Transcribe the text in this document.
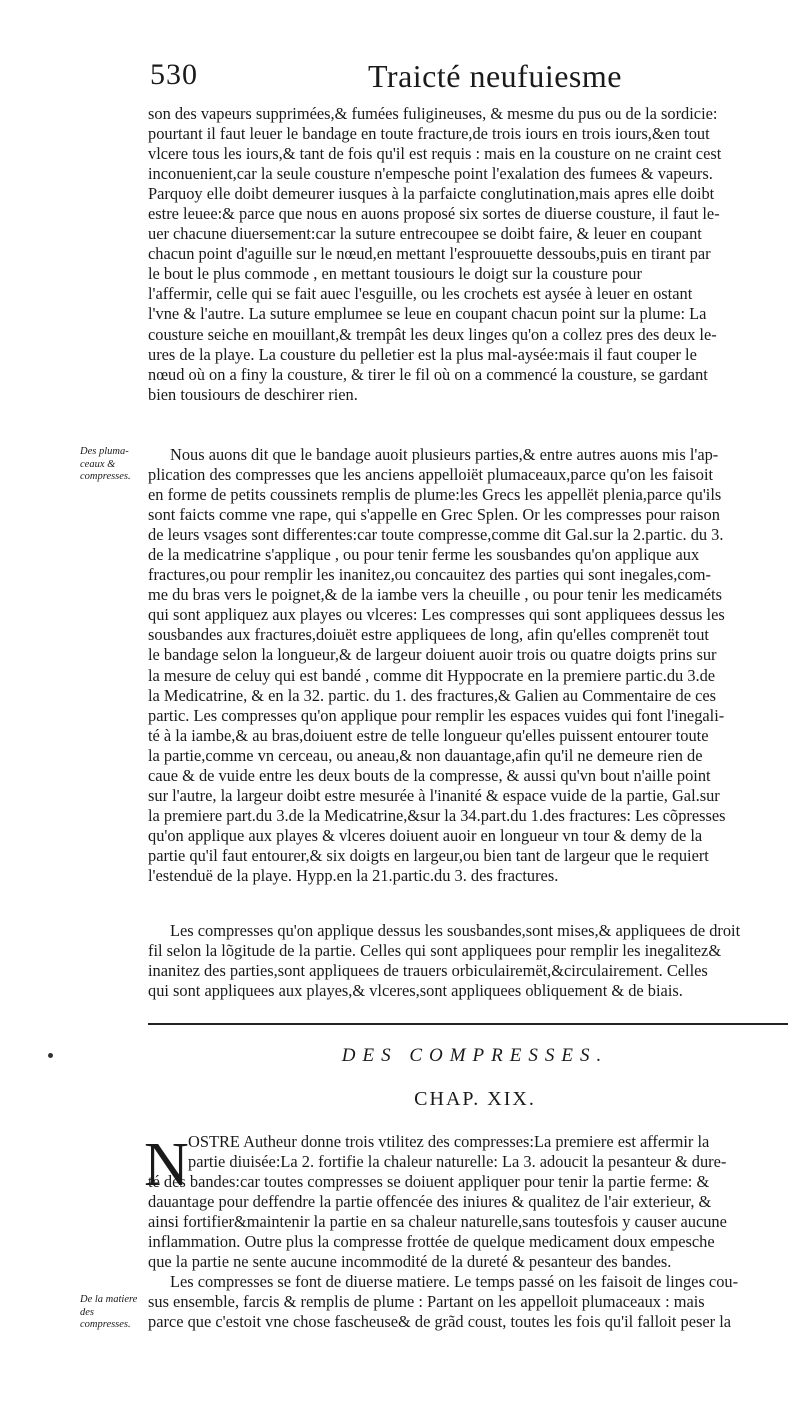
530	Traicté neufuiesme
son des vapeurs supprimées,& fumées fuligineuses, & mesme du pus ou de la sordicie:
pourtant il faut leuer le bandage en toute fracture,de trois iours en trois iours,&en tout
vlcere tous les iours,& tant de fois qu'il est requis : mais en la cousture on ne craint cest
inconuenient,car la seule cousture n'empesche point l'exalation des fumees & vapeurs.
Parquoy elle doibt demeurer iusques à la parfaicte conglutination,mais apres elle doibt
estre leuee:& parce que nous en auons proposé six sortes de diuerse cousture, il faut le-
uer chacune diuersement:car la suture entrecoupee se doibt faire, & leuer en coupant
chacun point d'aguille sur le nœud,en mettant l'esprouuette dessoubs,puis en tirant par
le bout le plus commode , en mettant tousiours le doigt sur la cousture pour
l'affermir, celle qui se fait auec l'esguille, ou les crochets est aysée à leuer en ostant
l'vne & l'autre. La suture emplumee se leue en coupant chacun point sur la plume: La
cousture seiche en mouillant,& trempât les deux linges qu'on a collez pres des deux le-
ures de la playe. La cousture du pelletier est la plus mal-aysée:mais il faut couper le
nœud où on a finy la cousture, & tirer le fil où on a commencé la cousture, se gardant
bien tousiours de deschirer rien.
Des pluma-ceaux & compresses.
Nous auons dit que le bandage auoit plusieurs parties,& entre autres auons mis l'ap-
plication des compresses que les anciens appelloiët plumaceaux,parce qu'on les faisoit
en forme de petits coussinets remplis de plume:les Grecs les appellët plenia,parce qu'ils
sont faicts comme vne rape, qui s'appelle en Grec Splen. Or les compresses pour raison
de leurs vsages sont differentes:car toute compresse,comme dit Gal.sur la 2.partic. du 3.
de la medicatrine s'applique , ou pour tenir ferme les sousbandes qu'on applique aux
fractures,ou pour remplir les inanitez,ou concauitez des parties qui sont inegales,com-
me du bras vers le poignet,& de la iambe vers la cheuille , ou pour tenir les medicaméts
qui sont appliquez aux playes ou vlceres: Les compresses qui sont appliquees dessus les
sousbandes aux fractures,doiuët estre appliquees de long, afin qu'elles comprenët tout
le bandage selon la longueur,& de largeur doiuent auoir trois ou quatre doigts prins sur
la mesure de celuy qui est bandé , comme dit Hyppocrate en la premiere partic.du 3.de
la Medicatrine, & en la 32. partic. du 1. des fractures,& Galien au Commentaire de ces
partic. Les compresses qu'on applique pour remplir les espaces vuides qui font l'inegali-
té à la iambe,& au bras,doiuent estre de telle longueur qu'elles puissent entourer toute
la partie,comme vn cerceau, ou aneau,& non dauantage,afin qu'il ne demeure rien de
caue & de vuide entre les deux bouts de la compresse, & aussi qu'vn bout n'aille point
sur l'autre, la largeur doibt estre mesurée à l'inanité & espace vuide de la partie, Gal.sur
la premiere part.du 3.de la Medicatrine,&sur la 34.part.du 1.des fractures: Les cõpresses
qu'on applique aux playes & vlceres doiuent auoir en longueur vn tour & demy de la
partie qu'il faut entourer,& six doigts en largeur,ou bien tant de largeur que le requiert
l'estenduë de la playe. Hypp.en la 21.partic.du 3. des fractures.
Les compresses qu'on applique dessus les sousbandes,sont mises,& appliquees de droit
fil selon la lõgitude de la partie. Celles qui sont appliquees pour remplir les inegalitez&
inanitez des parties,sont appliquees de trauers orbiculairemët,&circulairement. Celles
qui sont appliquees aux playes,& vlceres,sont appliquees obliquement & de biais.
DES COMPRESSES.
CHAP. XIX.
N OSTRE Autheur donne trois vtilitez des compresses:La premiere est affermir la
partie diuisée:La 2. fortifie la chaleur naturelle: La 3. adoucit la pesanteur & dure-
té des bandes:car toutes compresses se doiuent appliquer pour tenir la partie ferme: &
dauantage pour deffendre la partie offencée des iniures & qualitez de l'air exterieur, &
ainsi fortifier&maintenir la partie en sa chaleur naturelle,sans toutesfois y causer aucune
inflammation. Outre plus la compresse frottée de quelque medicament doux empesche
que la partie ne sente aucune incommodité de la dureté & pesanteur des bandes.
Les compresses se font de diuerse matiere. Le temps passé on les faisoit de linges cou-
sus ensemble, farcis & remplis de plume : Partant on les appelloit plumaceaux : mais
parce que c'estoit vne chose fascheuse& de grãd coust, toutes les fois qu'il falloit peser la
De la matiere des compresses.
